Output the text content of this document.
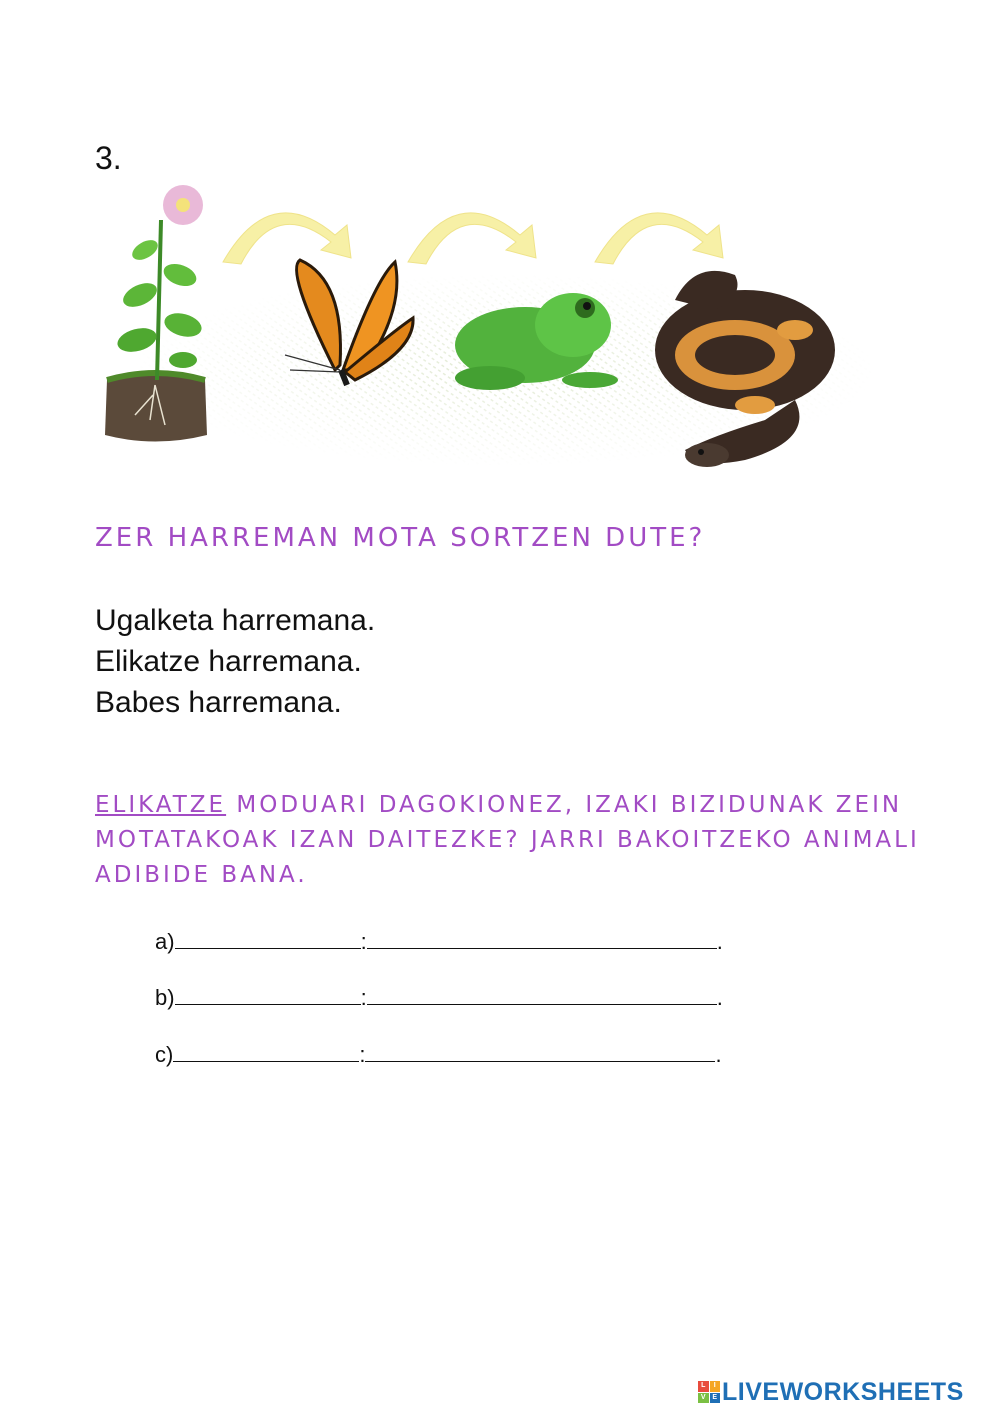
3.
ZER HARREMAN MOTA SORTZEN DUTE?
Ugalketa harremana.
Elikatze harremana.
Babes harremana.
ELIKATZE MODUARI DAGOKIONEZ, IZAKI BIZIDUNAK ZEIN MOTATAKOAK IZAN DAITEZKE? JARRI BAKOITZEKO ANIMALI ADIBIDE BANA.
a)	:	.
b)	:	.
c)	:	.
L	I
V E LIVEWORKSHEETS
